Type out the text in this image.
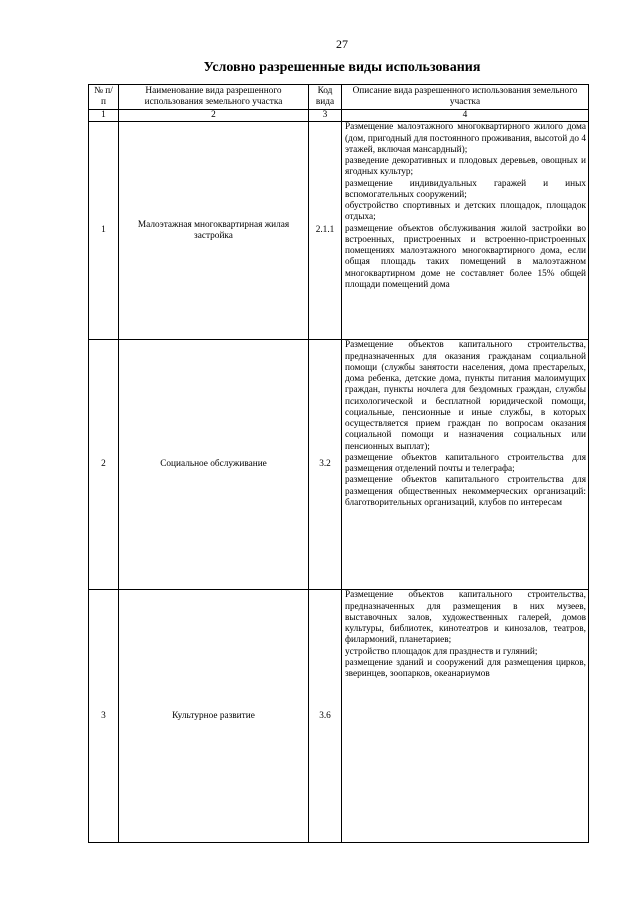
27
Условно разрешенные виды использования
№ п/п	Наименование вида разрешенного использования земельного участка	Код вида	Описание вида разрешенного использования земельного участка
1	2	3	4
1	Малоэтажная многоквартирная жилая застройка	2.1.1	Размещение малоэтажного многоквартирного жилого дома (дом, пригодный для постоянного проживания, высотой до 4 этажей, включая мансардный);
разведение декоративных и плодовых деревьев, овощных и ягодных культур;
размещение индивидуальных гаражей и иных вспомогательных сооружений;
обустройство спортивных и детских площадок, площадок отдыха;
размещение объектов обслуживания жилой застройки во встроенных, пристроенных и встроенно-пристроенных помещениях малоэтажного многоквартирного дома, если общая площадь таких помещений в малоэтажном многоквартирном доме не составляет более 15% общей площади помещений дома

2	Социальное обслуживание	3.2	Размещение объектов капитального строительства, предназначенных для оказания гражданам социальной помощи (службы занятости населения, дома престарелых, дома ребенка, детские дома, пункты питания малоимущих граждан, пункты ночлега для бездомных граждан, службы психологической и бесплатной юридической помощи, социальные, пенсионные и иные службы, в которых осуществляется прием граждан по вопросам оказания социальной помощи и назначения социальных или пенсионных выплат);
размещение объектов капитального строительства для размещения отделений почты и телеграфа;
размещение объектов капитального строительства для размещения общественных некоммерческих организаций: благотворительных организаций, клубов по интересам

3	Культурное развитие	3.6	Размещение объектов капитального строительства, предназначенных для размещения в них музеев, выставочных залов, художественных галерей, домов культуры, библиотек, кинотеатров и кинозалов, театров, филармоний, планетариев;
устройство площадок для празднеств и гуляний;
размещение зданий и сооружений для размещения цирков, зверинцев, зоопарков, океанариумов
